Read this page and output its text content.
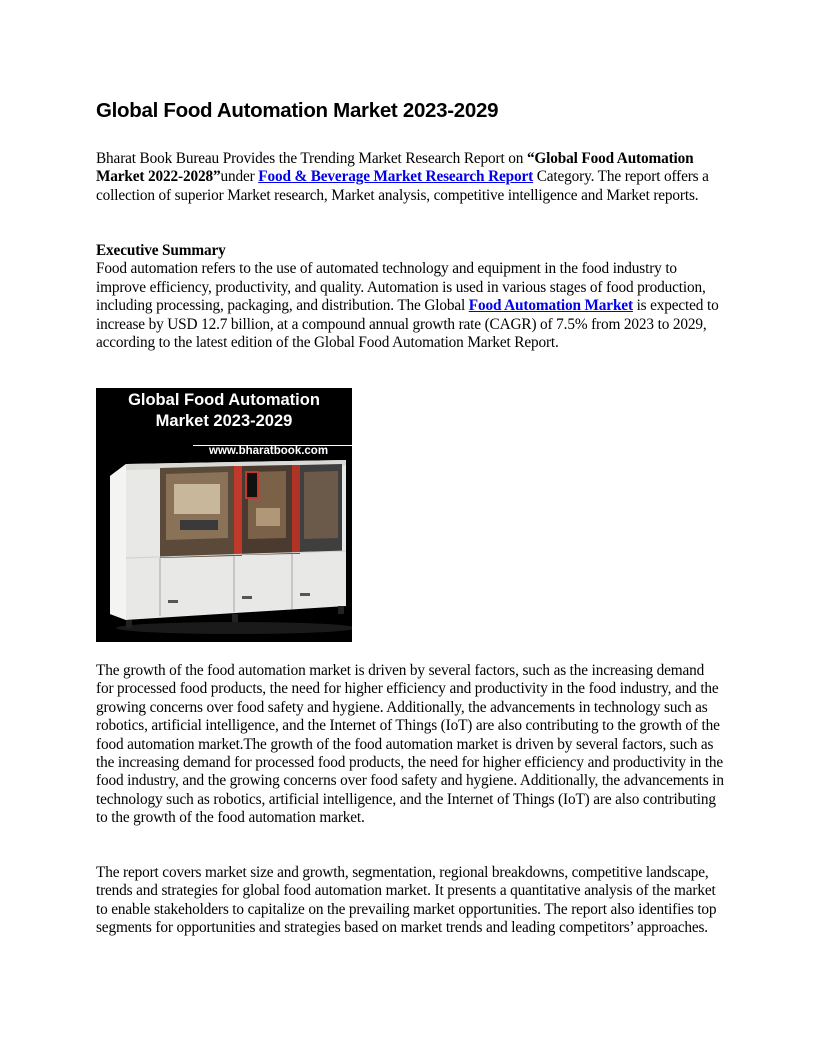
Global Food Automation Market 2023-2029

Bharat Book Bureau Provides the Trending Market Research Report on “Global Food Automation Market 2022-2028”under Food & Beverage Market Research Report Category. The report offers a collection of superior Market research, Market analysis, competitive intelligence and Market reports.

Executive Summary
Food automation refers to the use of automated technology and equipment in the food industry to improve efficiency, productivity, and quality. Automation is used in various stages of food production, including processing, packaging, and distribution. The Global Food Automation Market is expected to increase by USD 12.7 billion, at a compound annual growth rate (CAGR) of 7.5% from 2023 to 2029, according to the latest edition of the Global Food Automation Market Report.

Global Food Automation
Market 2023-2029
www.bharatbook.com

The growth of the food automation market is driven by several factors, such as the increasing demand for processed food products, the need for higher efficiency and productivity in the food industry, and the growing concerns over food safety and hygiene. Additionally, the advancements in technology such as robotics, artificial intelligence, and the Internet of Things (IoT) are also contributing to the growth of the food automation market.The growth of the food automation market is driven by several factors, such as the increasing demand for processed food products, the need for higher efficiency and productivity in the food industry, and the growing concerns over food safety and hygiene. Additionally, the advancements in technology such as robotics, artificial intelligence, and the Internet of Things (IoT) are also contributing to the growth of the food automation market.

The report covers market size and growth, segmentation, regional breakdowns, competitive landscape, trends and strategies for global food automation market. It presents a quantitative analysis of the market to enable stakeholders to capitalize on the prevailing market opportunities. The report also identifies top segments for opportunities and strategies based on market trends and leading competitors’ approaches.
